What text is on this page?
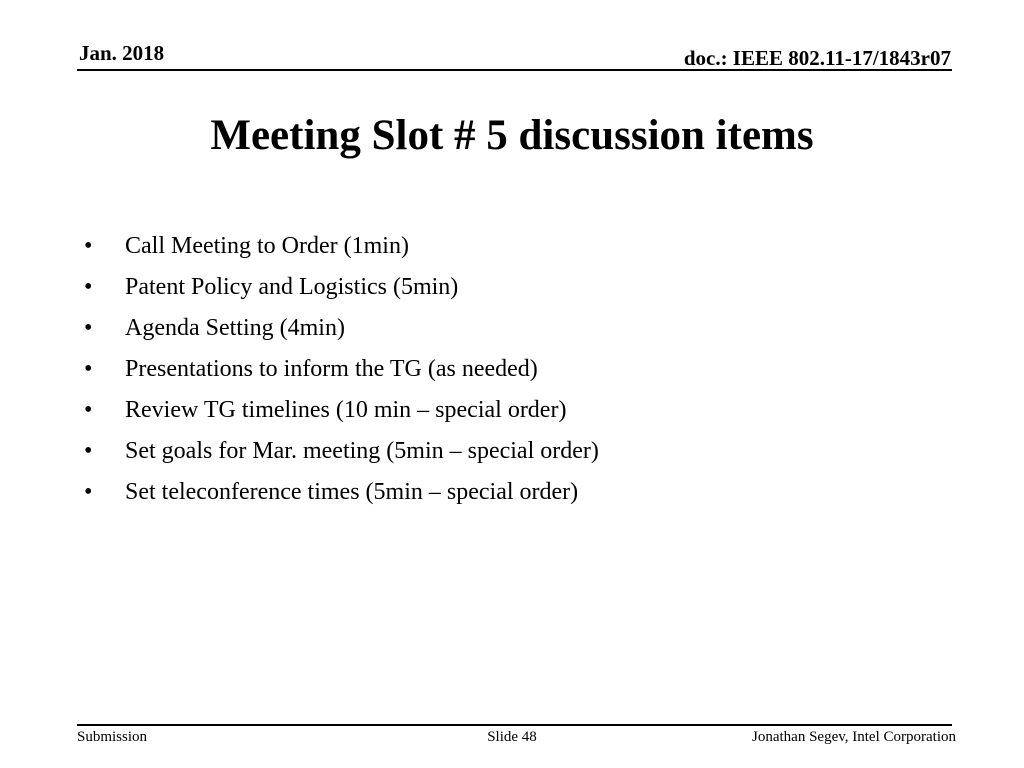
Jan. 2018	doc.: IEEE 802.11-17/1843r07
Meeting Slot # 5 discussion items
•	Call Meeting to Order (1min)
•	Patent Policy and Logistics (5min)
•	Agenda Setting (4min)
•	Presentations to inform the TG (as needed)
•	Review TG timelines (10 min – special order)
•	Set goals for Mar. meeting (5min – special order)
•	Set teleconference times (5min – special order)
Submission	Slide 48	Jonathan Segev, Intel Corporation
